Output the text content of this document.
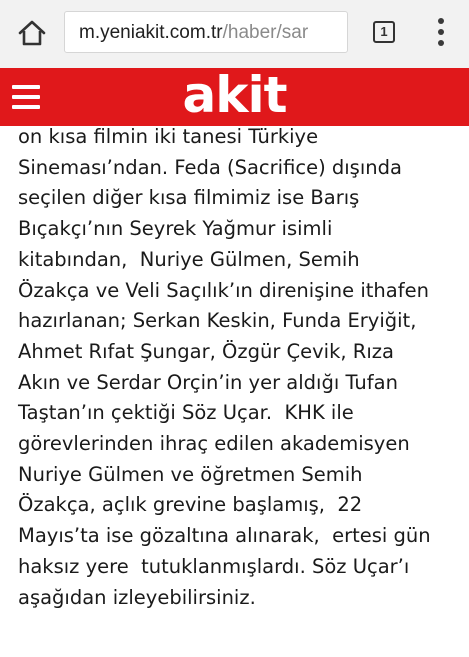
m.yeniakit.com.tr/haber/sar	1
akit
on kısa filmin iki tanesi Türkiye
Sineması’ndan. Feda (Sacrifice) dışında
seçilen diğer kısa filmimiz ise Barış
Bıçakçı’nın Seyrek Yağmur isimli
kitabından,  Nuriye Gülmen, Semih
Özakça ve Veli Saçılık’ın direnişine ithafen
hazırlanan; Serkan Keskin, Funda Eryiğit,
Ahmet Rıfat Şungar, Özgür Çevik, Rıza
Akın ve Serdar Orçin’in yer aldığı Tufan
Taştan’ın çektiği Söz Uçar.  KHK ile
görevlerinden ihraç edilen akademisyen
Nuriye Gülmen ve öğretmen Semih
Özakça, açlık grevine başlamış,  22
Mayıs’ta ise gözaltına alınarak,  ertesi gün
haksız yere  tutuklanmışlardı. Söz Uçar’ı
aşağıdan izleyebilirsiniz.
